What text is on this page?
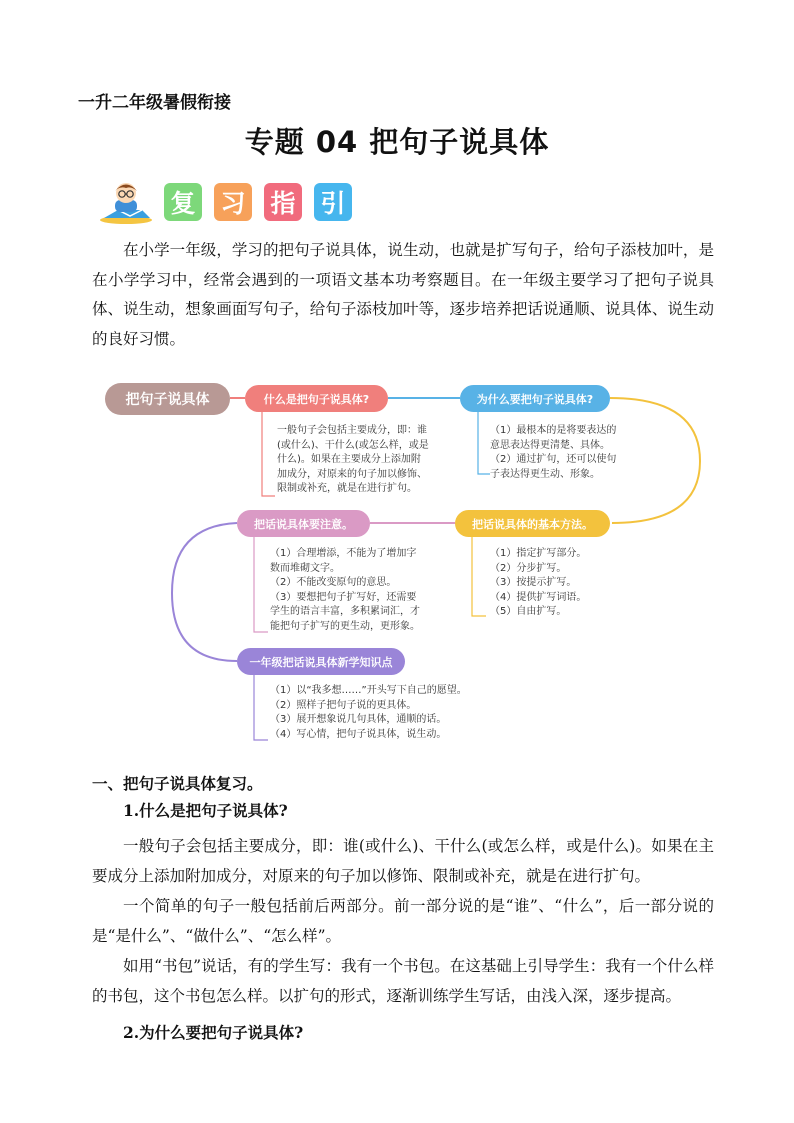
一升二年级暑假衔接
专题 04 把句子说具体
复 习 指 引

在小学一年级，学习的把句子说具体，说生动，也就是扩写句子，给句子添枝加叶，是在小学学习中，经常会遇到的一项语文基本功考察题目。在一年级主要学习了把句子说具体、说生动，想象画面写句子，给句子添枝加叶等，逐步培养把话说通顺、说具体、说生动的良好习惯。

把句子说具体	什么是把句子说具体?
一般句子会包括主要成分，即：谁
(或什么)、干什么(或怎么样，或是
什么)。如果在主要成分上添加附
加成分，对原来的句子加以修饰、
限制或补充，就是在进行扩句。
为什么要把句子说具体?
（1）最根本的是将要表达的
意思表达得更清楚、具体。
（2）通过扩句，还可以使句
子表达得更生动、形象。
把话说具体的基本方法。
（1）指定扩写部分。
（2）分步扩写。
（3）按提示扩写。
（4）提供扩写词语。
（5）自由扩写。
把话说具体要注意。
（1）合理增添，不能为了增加字
数而堆砌文字。
（2）不能改变原句的意思。
（3）要想把句子扩写好，还需要
学生的语言丰富，多积累词汇，才
能把句子扩写的更生动，更形象。
一年级把话说具体新学知识点
（1）以“我多想……”开头写下自己的愿望。
（2）照样子把句子说的更具体。
（3）展开想象说几句具体，通顺的话。
（4）写心情，把句子说具体，说生动。
一、把句子说具体复习。
1.什么是把句子说具体?

一般句子会包括主要成分，即：谁(或什么)、干什么(或怎么样，或是什么)。如果在主要成分上添加附加成分，对原来的句子加以修饰、限制或补充，就是在进行扩句。

一个简单的句子一般包括前后两部分。前一部分说的是“谁”、“什么”，后一部分说的是“是什么”、“做什么”、“怎么样”。

如用“书包”说话，有的学生写：我有一个书包。在这基础上引导学生：我有一个什么样的书包，这个书包怎么样。以扩句的形式，逐渐训练学生写话，由浅入深，逐步提高。

2.为什么要把句子说具体?
